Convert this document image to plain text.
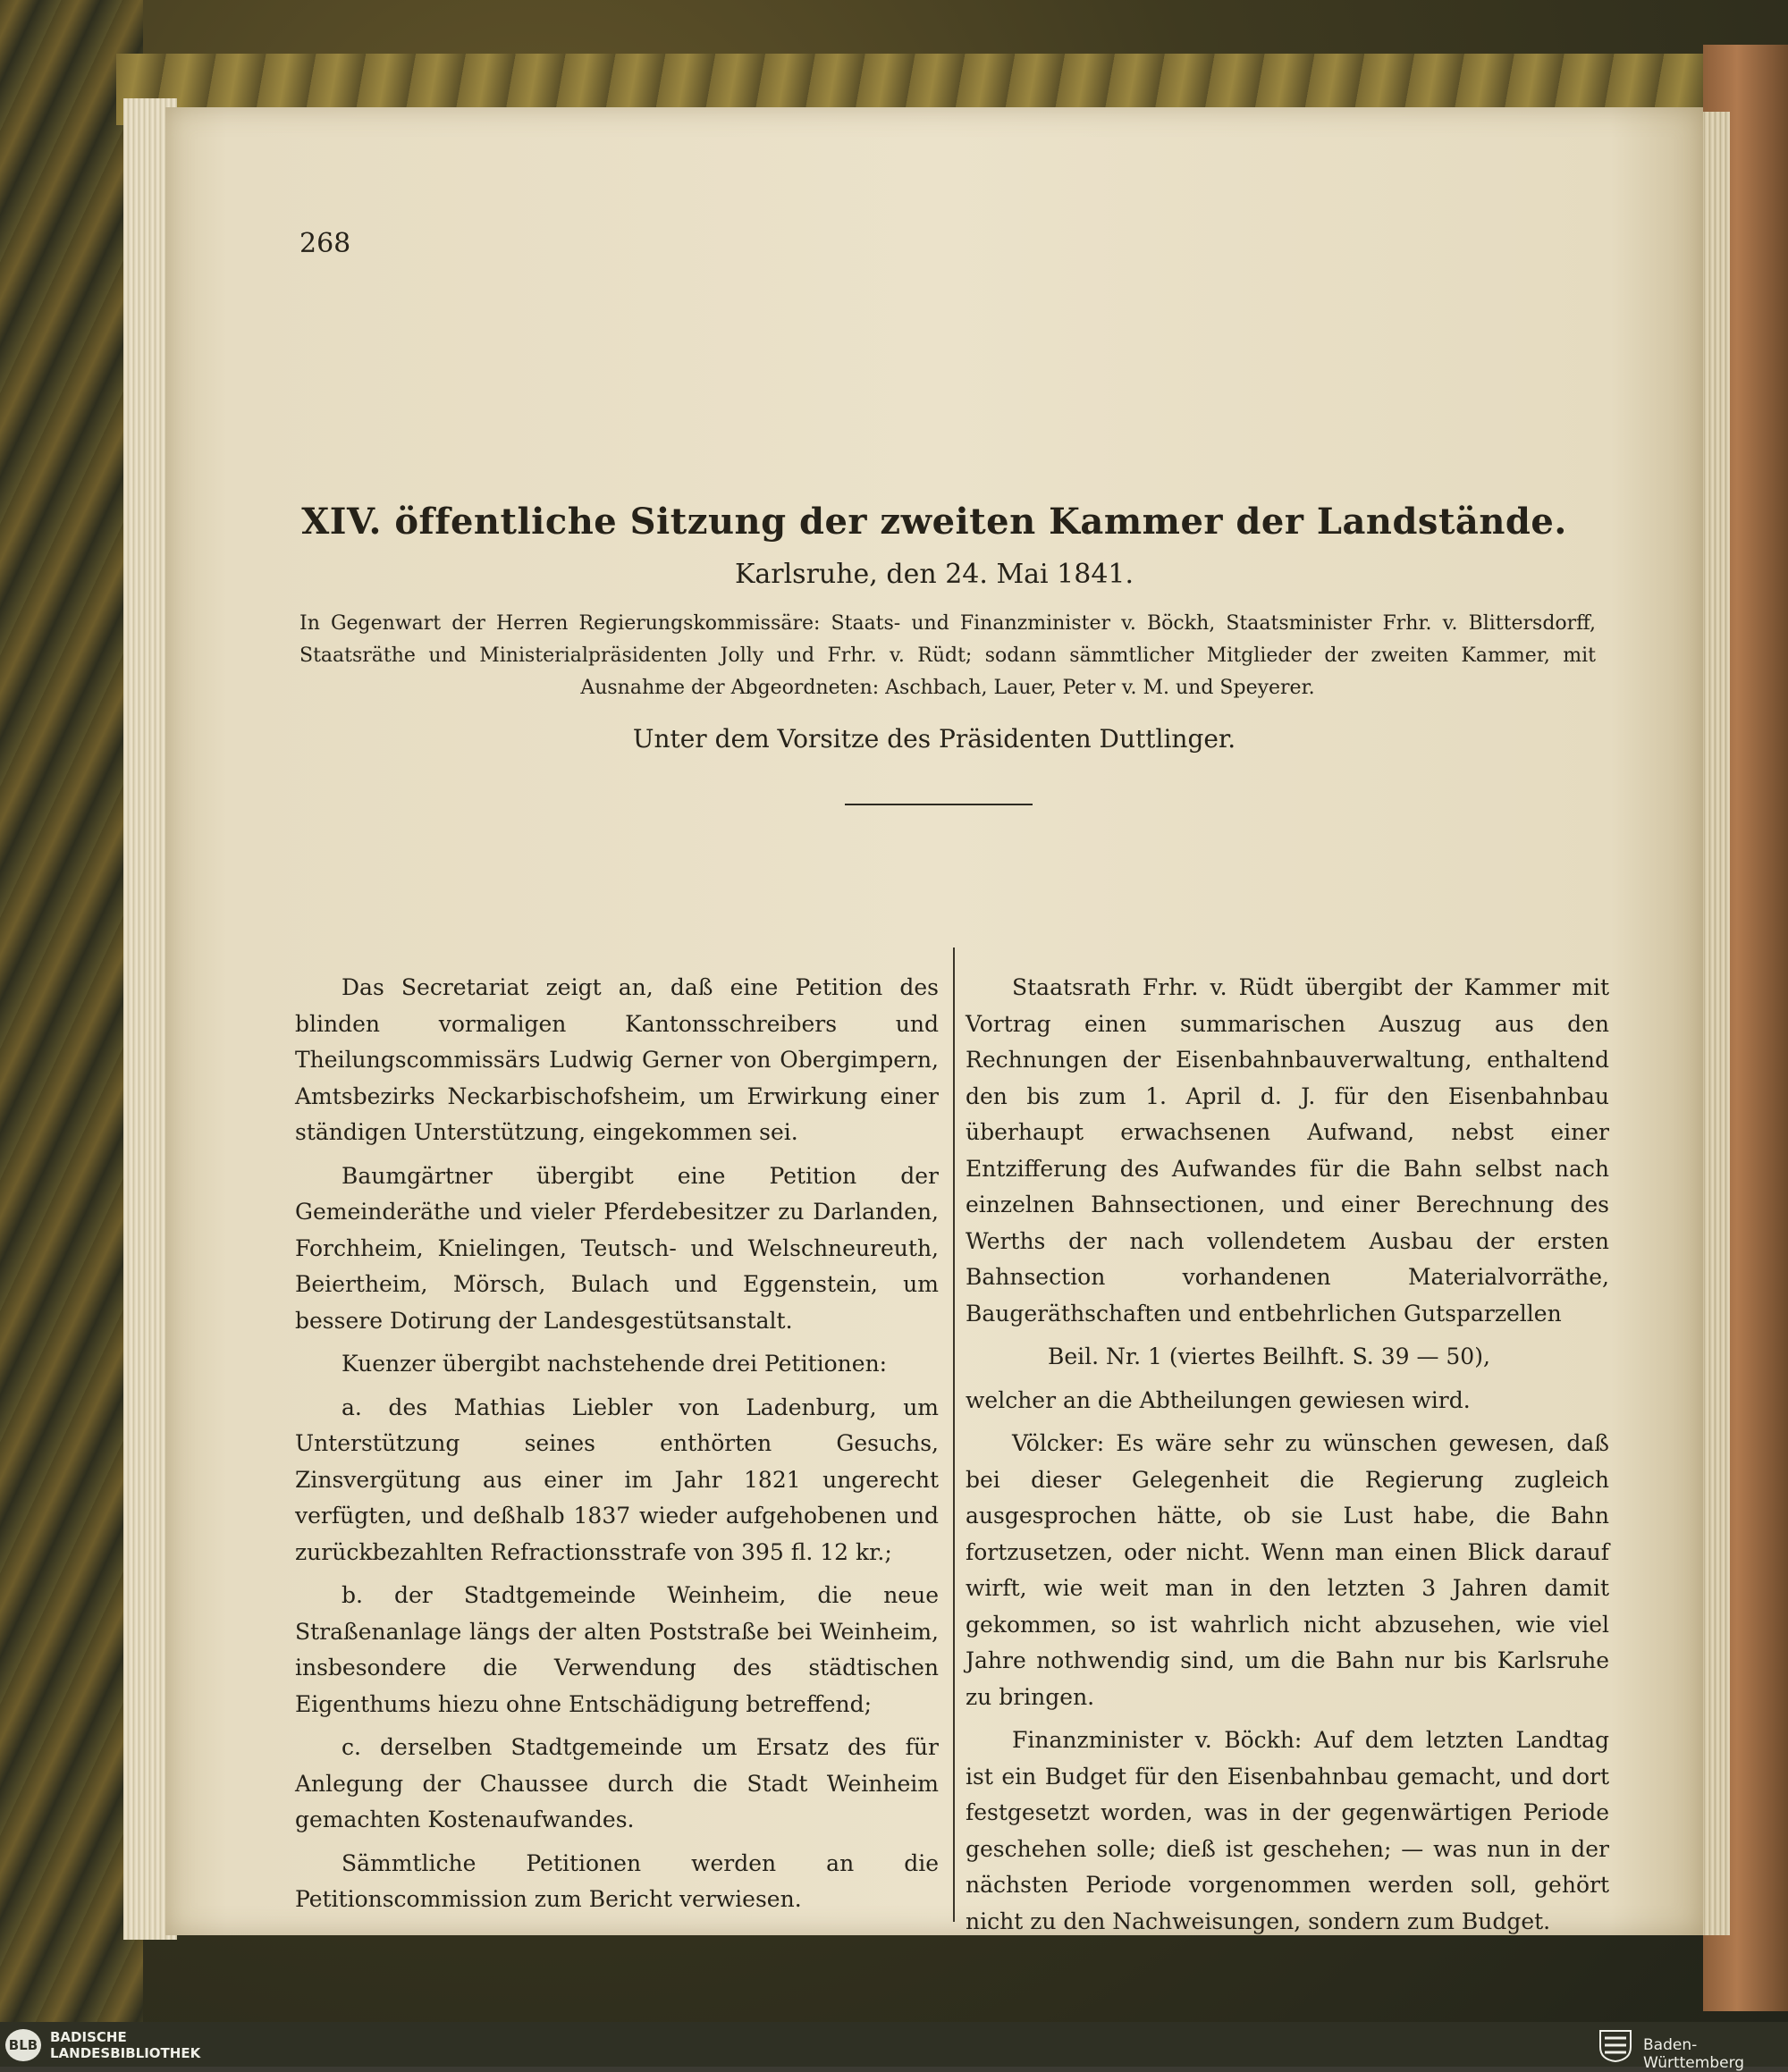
268
XIV. öffentliche Sitzung der zweiten Kammer der Landstände.
Karlsruhe, den 24. Mai 1841.
In Gegenwart der Herren Regierungskommissäre: Staats- und Finanzminister v. Böckh, Staatsminister Frhr. v. Blittersdorff, Staatsräthe und Ministerialpräsidenten Jolly und Frhr. v. Rüdt; sodann sämmtlicher Mitglieder der zweiten Kammer, mit Ausnahme der Abgeordneten: Aschbach, Lauer, Peter v. M. und Speyerer.
Unter dem Vorsitze des Präsidenten Duttlinger.

Das Secretariat zeigt an, daß eine Petition des blinden vormaligen Kantonsschreibers und Theilungscommissärs Ludwig Gerner von Obergimpern, Amtsbezirks Neckarbischofsheim, um Erwirkung einer ständigen Unterstützung, eingekommen sei.

Baumgärtner übergibt eine Petition der Gemeinderäthe und vieler Pferdebesitzer zu Darlanden, Forchheim, Knielingen, Teutsch- und Welschneureuth, Beiertheim, Mörsch, Bulach und Eggenstein, um bessere Dotirung der Landesgestütsanstalt.

Kuenzer übergibt nachstehende drei Petitionen:

a. des Mathias Liebler von Ladenburg, um Unterstützung seines enthörten Gesuchs, Zinsvergütung aus einer im Jahr 1821 ungerecht verfügten, und deßhalb 1837 wieder aufgehobenen und zurückbezahlten Refractionsstrafe von 395 fl. 12 kr.;

b. der Stadtgemeinde Weinheim, die neue Straßenanlage längs der alten Poststraße bei Weinheim, insbesondere die Verwendung des städtischen Eigenthums hiezu ohne Entschädigung betreffend;

c. derselben Stadtgemeinde um Ersatz des für Anlegung der Chaussee durch die Stadt Weinheim gemachten Kostenaufwandes.

Sämmtliche Petitionen werden an die Petitionscommission zum Bericht verwiesen.

Staatsrath Frhr. v. Rüdt übergibt der Kammer mit Vortrag einen summarischen Auszug aus den Rechnungen der Eisenbahnbauverwaltung, enthaltend den bis zum 1. April d. J. für den Eisenbahnbau überhaupt erwachsenen Aufwand, nebst einer Entzifferung des Aufwandes für die Bahn selbst nach einzelnen Bahnsectionen, und einer Berechnung des Werths der nach vollendetem Ausbau der ersten Bahnsection vorhandenen Materialvorräthe, Baugeräthschaften und entbehrlichen Gutsparzellen

Beil. Nr. 1 (viertes Beilhft. S. 39 — 50),

welcher an die Abtheilungen gewiesen wird.

Völcker: Es wäre sehr zu wünschen gewesen, daß bei dieser Gelegenheit die Regierung zugleich ausgesprochen hätte, ob sie Lust habe, die Bahn fortzusetzen, oder nicht. Wenn man einen Blick darauf wirft, wie weit man in den letzten 3 Jahren damit gekommen, so ist wahrlich nicht abzusehen, wie viel Jahre nothwendig sind, um die Bahn nur bis Karlsruhe zu bringen.

Finanzminister v. Böckh: Auf dem letzten Landtag ist ein Budget für den Eisenbahnbau gemacht, und dort festgesetzt worden, was in der gegenwärtigen Periode geschehen solle; dieß ist geschehen; — was nun in der nächsten Periode vorgenommen werden soll, gehört nicht zu den Nachweisungen, sondern zum Budget.

BLB BADISCHE
LANDESBIBLIOTHEK	Baden-Württemberg
